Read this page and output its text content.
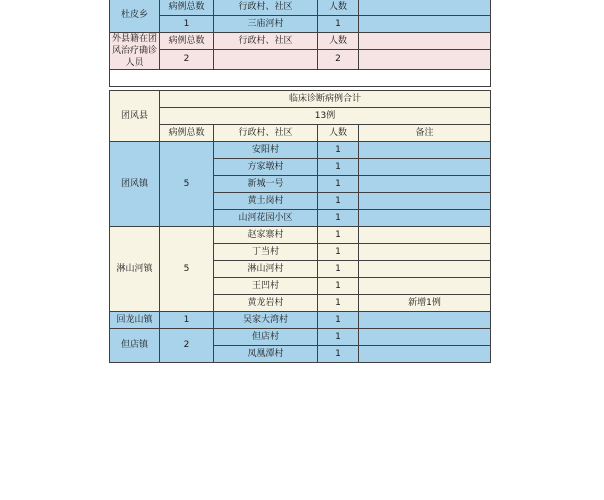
杜皮乡	病例总数	行政村、社区	人数	
	1	三庙河村	1	
外县籍在团风治疗确诊人员	病例总数	行政村、社区	人数	
	2		2	

团风县	临床诊断病例合计			
	13例			
	病例总数	行政村、社区	人数	备注
团风镇	5	安阳村	1	
		方家墩村	1	
		新城一号	1	
		黄土岗村	1	
		山河花园小区	1	
淋山河镇	5	赵家寨村	1	
		丁当村	1	
		淋山河村	1	
		王凹村	1	
		黄龙岩村	1	新增1例
回龙山镇	1	吴家大湾村	1	
但店镇	2	但店村	1	
		凤凰潭村	1	
